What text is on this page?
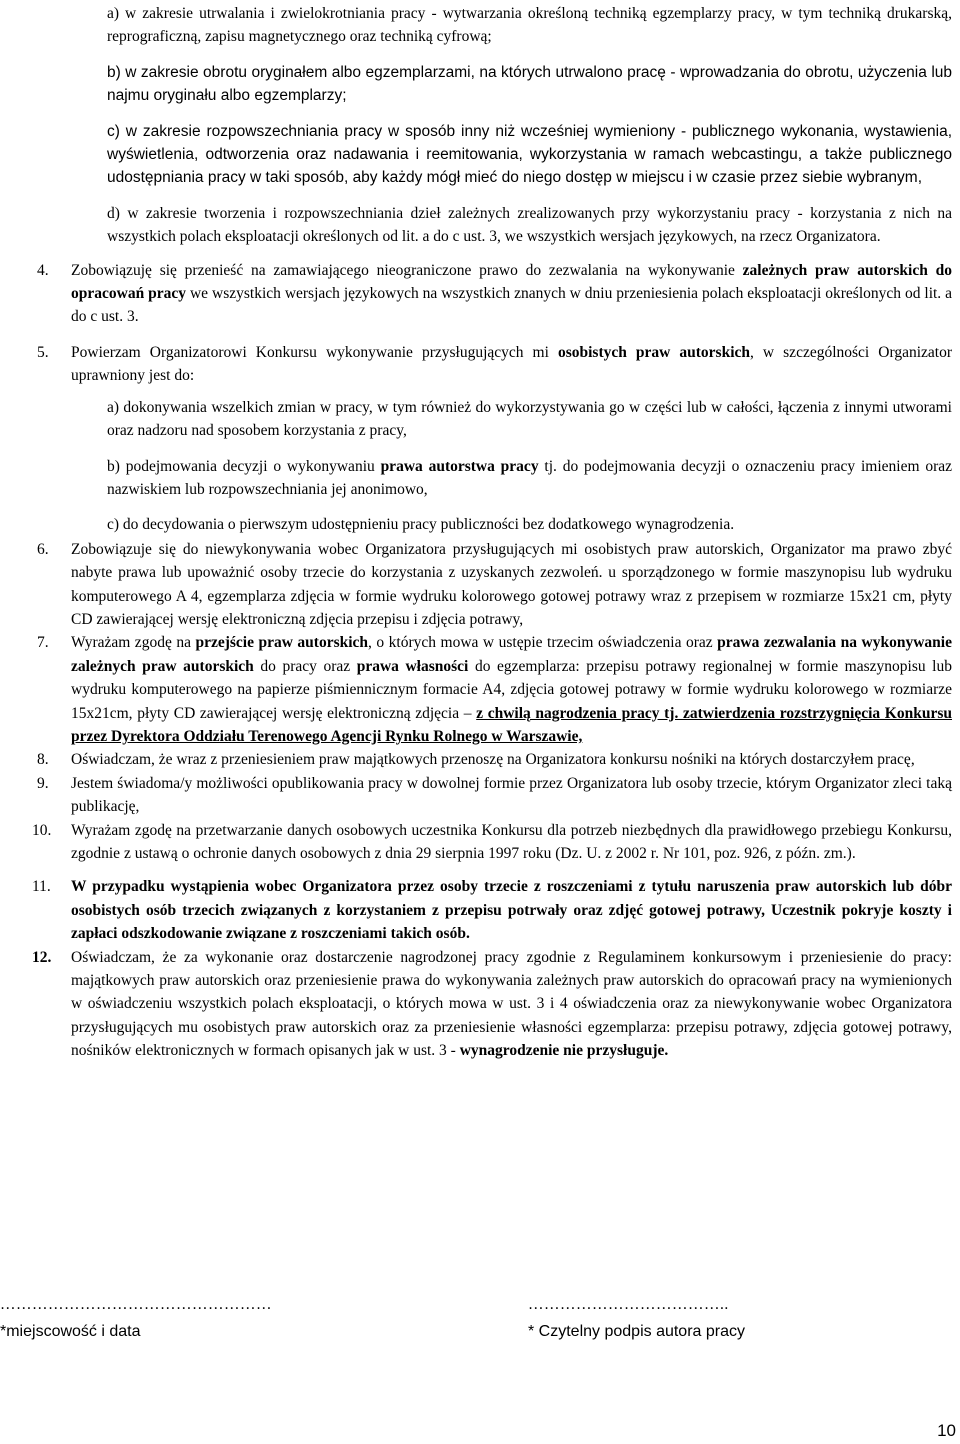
a) w zakresie utrwalania i zwielokrotniania pracy - wytwarzania określoną techniką egzemplarzy pracy, w tym techniką drukarską, reprograficzną, zapisu magnetycznego oraz techniką cyfrową;

b) w zakresie obrotu oryginałem albo egzemplarzami, na których utrwalono pracę - wprowadzania do obrotu, użyczenia lub najmu oryginału albo egzemplarzy;

c) w zakresie rozpowszechniania pracy w sposób inny niż wcześniej wymieniony - publicznego wykonania, wystawienia, wyświetlenia, odtworzenia oraz nadawania i reemitowania, wykorzystania w ramach webcastingu, a także publicznego udostępniania pracy w taki sposób, aby każdy mógł mieć do niego dostęp w miejscu i w czasie przez siebie wybranym,

d) w zakresie tworzenia i rozpowszechniania dzieł zależnych zrealizowanych przy wykorzystaniu pracy - korzystania z nich na wszystkich polach eksploatacji określonych od lit. a do c ust. 3, we wszystkich wersjach językowych, na rzecz Organizatora.

4. Zobowiązuję się przenieść na zamawiającego nieograniczone prawo do zezwalania na wykonywanie zależnych praw autorskich do opracowań pracy we wszystkich wersjach językowych na wszystkich znanych w dniu przeniesienia polach eksploatacji określonych od lit. a do c ust. 3.
5. Powierzam Organizatorowi Konkursu wykonywanie przysługujących mi osobistych praw autorskich, w szczególności Organizator uprawniony jest do:

a) dokonywania wszelkich zmian w pracy, w tym również do wykorzystywania go w części lub w całości, łączenia z innymi utworami oraz nadzoru nad sposobem korzystania z pracy,

b) podejmowania decyzji o wykonywaniu prawa autorstwa pracy tj. do podejmowania decyzji o oznaczeniu pracy imieniem oraz nazwiskiem lub rozpowszechniania jej anonimowo,

c) do decydowania o pierwszym udostępnieniu pracy publiczności bez dodatkowego wynagrodzenia.

6. Zobowiązuje się do niewykonywania wobec Organizatora przysługujących mi osobistych praw autorskich, Organizator ma prawo zbyć nabyte prawa lub upoważnić osoby trzecie do korzystania z uzyskanych zezwoleń. u sporządzonego w formie maszynopisu lub wydruku komputerowego A 4, egzemplarza zdjęcia w formie wydruku kolorowego gotowej potrawy wraz z przepisem w rozmiarze 15x21 cm, płyty CD zawierającej wersję elektroniczną zdjęcia przepisu i zdjęcia potrawy,
7. Wyrażam zgodę na przejście praw autorskich, o których mowa w ustępie trzecim oświadczenia oraz prawa zezwalania na wykonywanie zależnych praw autorskich do pracy oraz prawa własności do egzemplarza: przepisu potrawy regionalnej w formie maszynopisu lub wydruku komputerowego na papierze piśmiennicznym formacie A4, zdjęcia gotowej potrawy w formie wydruku kolorowego w rozmiarze 15x21cm, płyty CD zawierającej wersję elektroniczną zdjęcia – z chwilą nagrodzenia pracy tj. zatwierdzenia rozstrzygnięcia Konkursu przez Dyrektora Oddziału Terenowego Agencji Rynku Rolnego w Warszawie,
8. Oświadczam, że wraz z przeniesieniem praw majątkowych przenoszę na Organizatora konkursu nośniki na których dostarczyłem pracę,
9. Jestem świadoma/y możliwości opublikowania pracy w dowolnej formie przez Organizatora lub osoby trzecie, którym Organizator zleci taką publikację,
10. Wyrażam zgodę na przetwarzanie danych osobowych uczestnika Konkursu dla potrzeb niezbędnych dla prawidłowego przebiegu Konkursu, zgodnie z ustawą o ochronie danych osobowych z dnia 29 sierpnia 1997 roku (Dz. U. z 2002 r. Nr 101, poz. 926, z późn. zm.).
11. W przypadku wystąpienia wobec Organizatora przez osoby trzecie z roszczeniami z tytułu naruszenia praw autorskich lub dóbr osobistych osób trzecich związanych z korzystaniem z przepisu potrwały oraz zdjęć gotowej potrawy, Uczestnik pokryje koszty i zapłaci odszkodowanie związane z roszczeniami takich osób.
12. Oświadczam, że za wykonanie oraz dostarczenie nagrodzonej pracy zgodnie z Regulaminem konkursowym i przeniesienie do pracy: majątkowych praw autorskich oraz przeniesienie prawa do wykonywania zależnych praw autorskich do opracowań pracy na wymienionych w oświadczeniu wszystkich polach eksploatacji, o których mowa w ust. 3 i 4 oświadczenia oraz za niewykonywanie wobec Organizatora przysługujących mu osobistych praw autorskich oraz za przeniesienie własności egzemplarza: przepisu potrawy, zdjęcia gotowej potrawy, nośników elektronicznych w formach opisanych jak w ust. 3 - wynagrodzenie nie przysługuje.
……………………………………………	………………………………..
*miejscowość i data	* Czytelny podpis autora pracy
10
